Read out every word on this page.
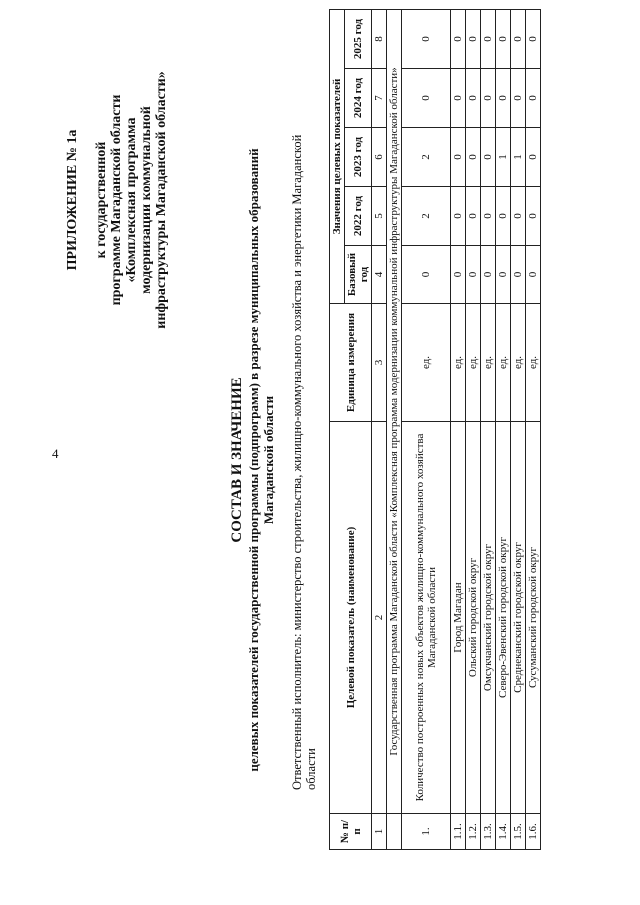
4
ПРИЛОЖЕНИЕ № 1а к государственной программе Магаданской области «Комплексная программа модернизации коммунальной инфраструктуры Магаданской области»
СОСТАВ И ЗНАЧЕНИЕ целевых показателей государственной программы (подпрограмм) в разрезе муниципальных образований Магаданской области Ответственный исполнитель: министерство строительства, жилищно-коммунального хозяйства и энергетики Магаданской области
№ п/п	Целевой показатель (наименование)	Единица измерения	Значения целевых показателей				
			Базовый год	2022 год	2023 год	2024 год	2025 год
1	2	3	4	5	6	7	8
	Государственная программа Магаданской области «Комплексная программа модернизации коммунальной инфраструктуры Магаданской области»						
1.	Количество построенных новых объектов жилищно-коммунального хозяйства Магаданской области	ед.	0	2	2	0	0
1.1.	Город Магадан	ед.	0	0	0	0	0
1.2.	Ольский городской округ	ед.	0	0	0	0	0
1.3.	Омсукчанский городской округ	ед.	0	0	0	0	0
1.4.	Северо-Эвенский городской округ	ед.	0	0	1	0	0
1.5.	Среднеканский городской округ	ед.	0	0	1	0	0
1.6.	Сусуманский городской округ	ед.	0	0	0	0	0
